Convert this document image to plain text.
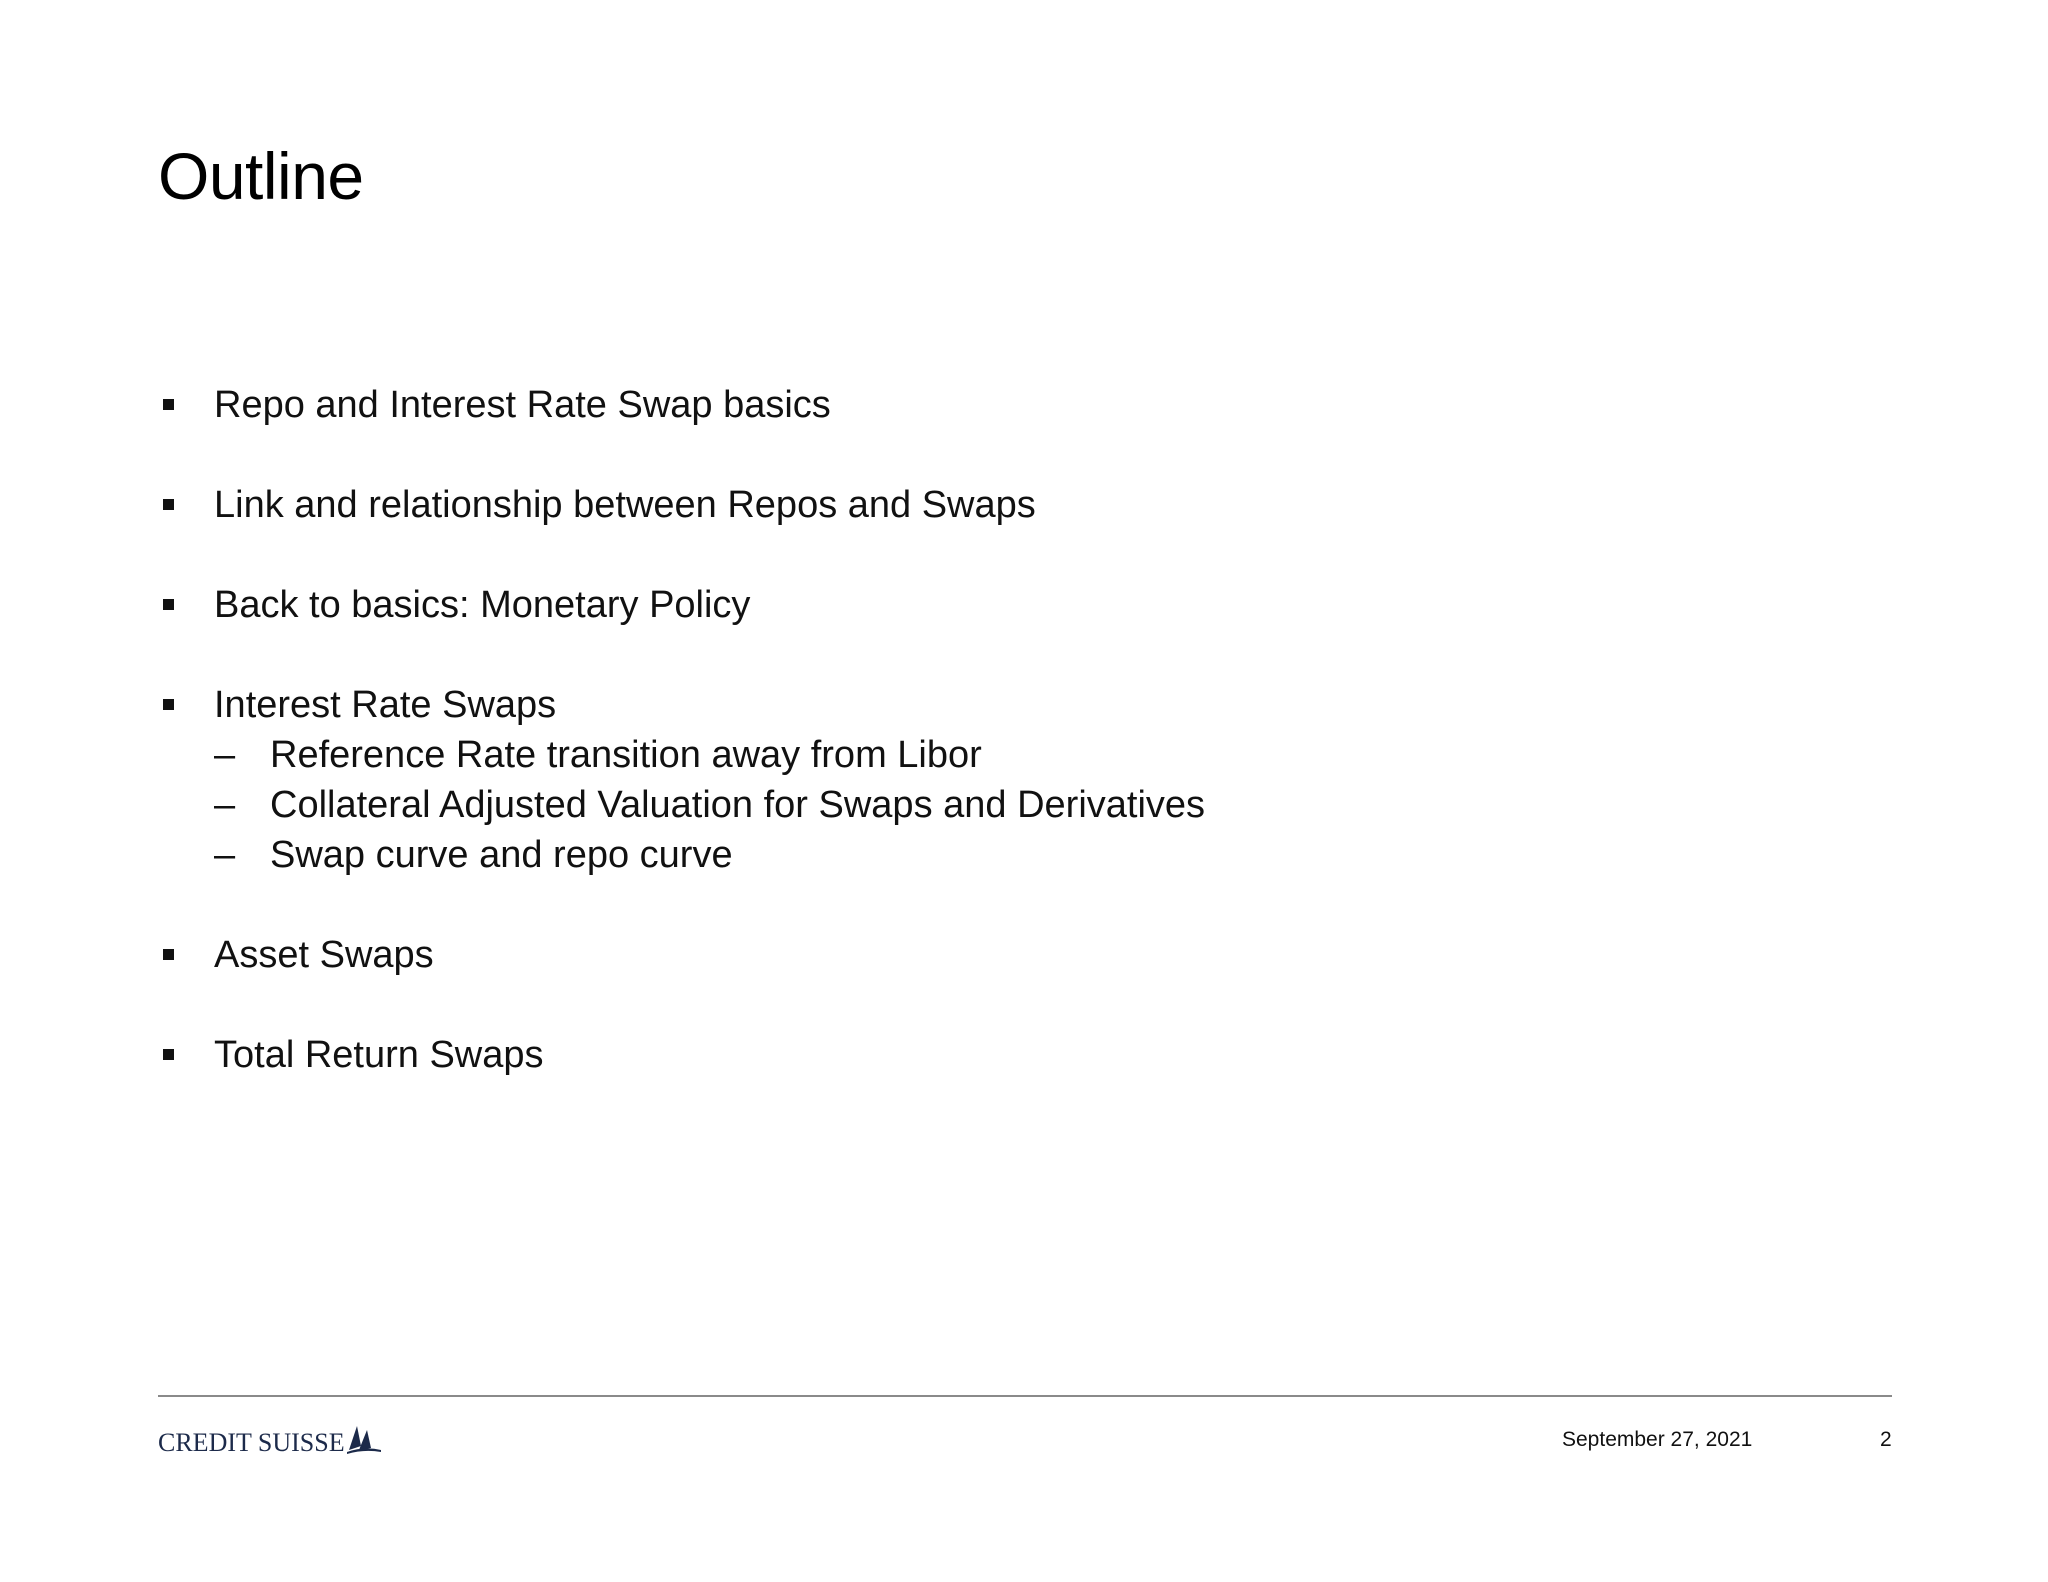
Outline
Repo and Interest Rate Swap basics
Link and relationship between Repos and Swaps
Back to basics: Monetary Policy
Interest Rate Swaps
– Reference Rate transition away from Libor
– Collateral Adjusted Valuation for Swaps and Derivatives
– Swap curve and repo curve
Asset Swaps
Total Return Swaps
CREDIT SUISSE	September 27, 2021	2
